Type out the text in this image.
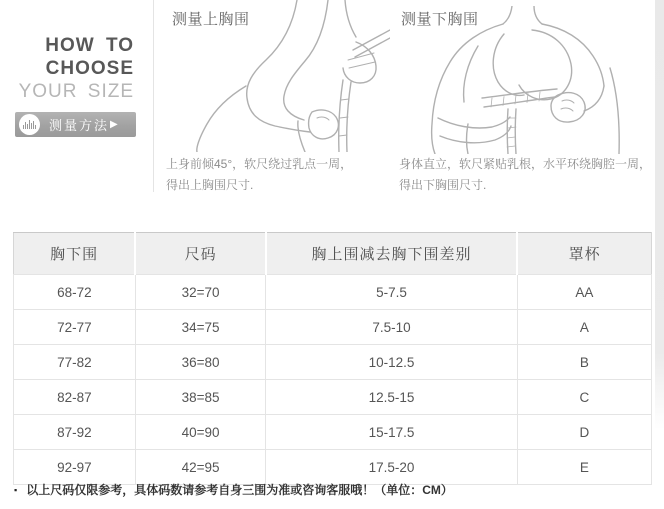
HOW TO
CHOOSE
YOUR SIZE
测量方法 ▶
测量上胸围
上身前倾45°，软尺绕过乳点一周，
得出上胸围尺寸.
测量下胸围
身体直立，软尺紧贴乳根，水平环绕胸腔一周，
得出下胸围尺寸.
胸下围	尺码	胸上围减去胸下围差别	罩杯
68-72	32=70	5-7.5	AA
72-77	34=75	7.5-10	A
77-82	36=80	10-12.5	B
82-87	38=85	12.5-15	C
87-92	40=90	15-17.5	D
92-97	42=95	17.5-20	E
▪ 以上尺码仅限参考，具体码数请参考自身三围为准或咨询客服哦！（单位：CM）
